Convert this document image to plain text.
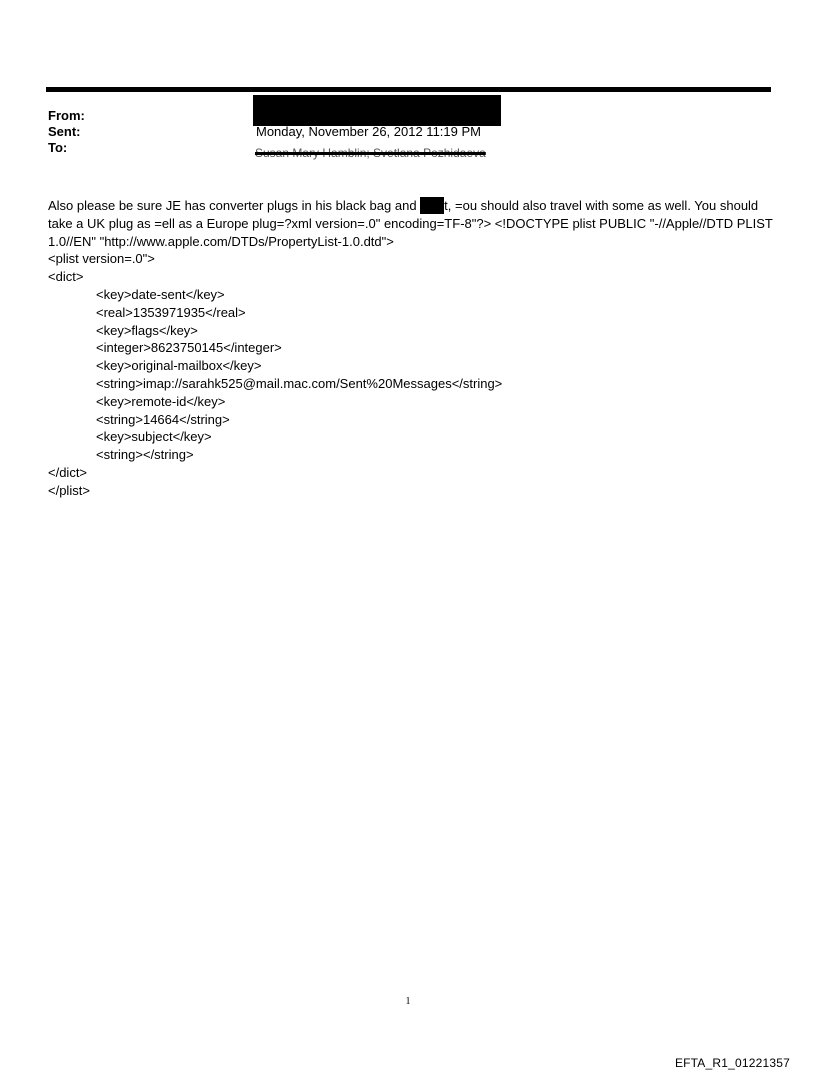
From:
Sent:	Monday, November 26, 2012 11:19 PM
To:	Susan Mary Hamblin; Svetlana Pozhidaeva

Also please be sure JE has converter plugs in his black bag and t, =ou should also travel with some as well. You should take a UK plug as =ell as a Europe plug=?xml version=.0" encoding=TF-8"?> <!DOCTYPE plist PUBLIC "-//Apple//DTD PLIST 1.0//EN" "http://www.apple.com/DTDs/PropertyList-1.0.dtd">

<plist version=.0">

<dict>

<key>date-sent</key>

<real>1353971935</real>

<key>flags</key>

<integer>8623750145</integer>

<key>original-mailbox</key>

<string>imap://sarahk525@mail.mac.com/Sent%20Messages</string>

<key>remote-id</key>

<string>14664</string>

<key>subject</key>

<string></string>

</dict>

</plist>

1
EFTA_R1_01221357
